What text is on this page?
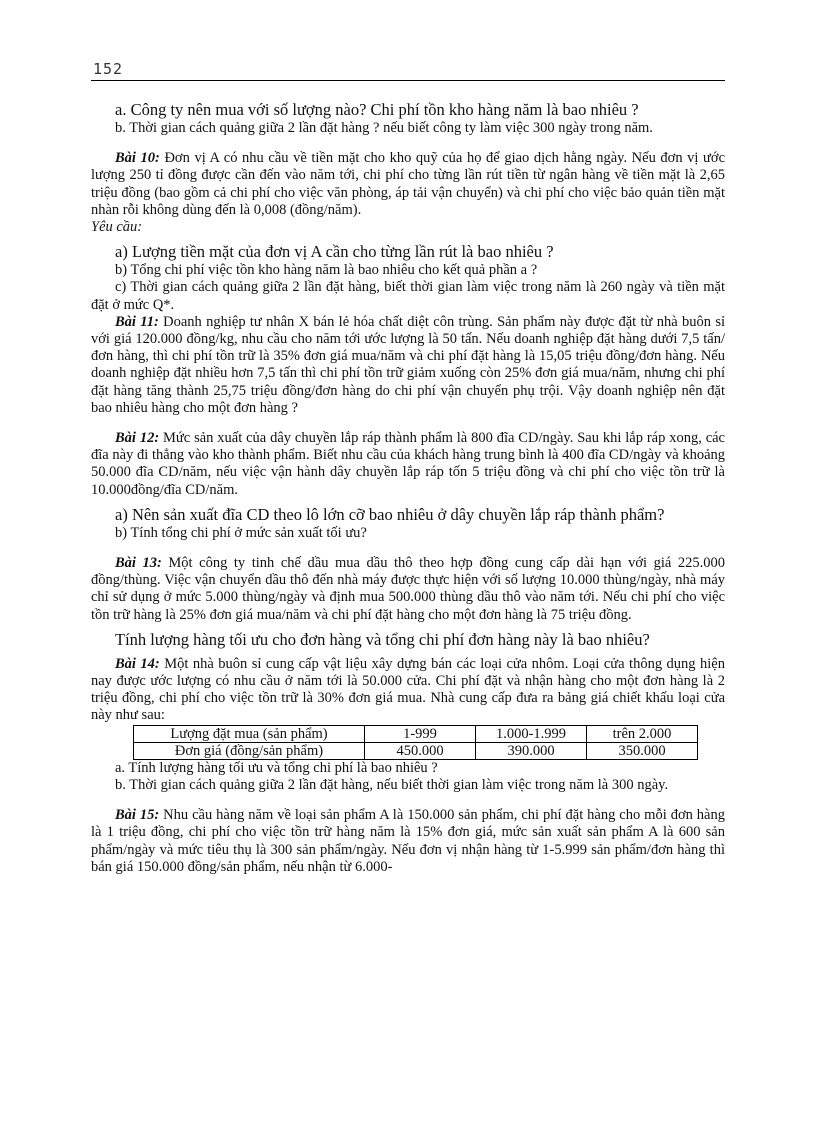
152

a. Công ty nên mua với số lượng nào? Chi phí tồn kho hàng năm là bao nhiêu ?

b. Thời gian cách quảng giữa 2 lần đặt hàng ? nếu biết công ty làm việc 300 ngày trong năm.

Bài 10: Đơn vị A có nhu cầu về tiền mặt cho kho quỹ của họ để giao dịch hằng ngày. Nếu đơn vị ước lượng 250 tỉ đồng được cần đến vào năm tới, chi phí cho từng lần rút tiền từ ngân hàng về tiền mặt là 2,65 triệu đồng (bao gồm cả chi phí cho việc văn phòng, áp tải vận chuyển) và chi phí cho việc bảo quản tiền mặt nhàn rỗi không dùng đến là 0,008 (đồng/năm).

Yêu cầu:

a) Lượng tiền mặt của đơn vị A cần cho từng lần rút là bao nhiêu ?

b) Tổng chi phí việc tồn kho hàng năm là bao nhiêu cho kết quả phần a ?

c) Thời gian cách quảng giữa 2 lần đặt hàng, biết thời gian làm việc trong năm là 260 ngày và tiền mặt đặt ở mức Q*.

Bài 11: Doanh nghiệp tư nhân X bán lẻ hóa chất diệt côn trùng. Sản phẩm này được đặt từ nhà buôn sỉ với giá 120.000 đồng/kg, nhu cầu cho năm tới ước lượng là 50 tấn. Nếu doanh nghiệp đặt hàng dưới 7,5 tấn/đơn hàng, thì chi phí tồn trữ là 35% đơn giá mua/năm và chi phí đặt hàng là 15,05 triệu đồng/đơn hàng. Nếu doanh nghiệp đặt nhiều hơn 7,5 tấn thì chi phí tồn trữ giảm xuống còn 25% đơn giá mua/năm, nhưng chi phí đặt hàng tăng thành 25,75 triệu đồng/đơn hàng do chi phí vận chuyển phụ trội. Vậy doanh nghiệp nên đặt bao nhiêu hàng cho một đơn hàng ?

Bài 12: Mức sản xuất của dây chuyền lắp ráp thành phẩm là 800 đĩa CD/ngày. Sau khi lắp ráp xong, các đĩa này đi thẳng vào kho thành phẩm. Biết nhu cầu của khách hàng trung bình là 400 đĩa CD/ngày và khoảng 50.000 đĩa CD/năm, nếu việc vận hành dây chuyền lắp ráp tốn 5 triệu đồng và chi phí cho việc tồn trữ là 10.000đồng/đĩa CD/năm.

a) Nên sản xuất đĩa CD theo lô lớn cỡ bao nhiêu ở dây chuyền lắp ráp thành phẩm?

b) Tính tổng chi phí ở mức sản xuất tối ưu?

Bài 13: Một công ty tinh chế dầu mua dầu thô theo hợp đồng cung cấp dài hạn với giá 225.000 đồng/thùng. Việc vận chuyển dầu thô đến nhà máy được thực hiện với số lượng 10.000 thùng/ngày, nhà máy chỉ sử dụng ở mức 5.000 thùng/ngày và định mua 500.000 thùng dầu thô vào năm tới. Nếu chi phí cho việc tồn trữ hàng là 25% đơn giá mua/năm và chi phí đặt hàng cho một đơn hàng là 75 triệu đồng.

Tính lượng hàng tối ưu cho đơn hàng và tổng chi phí đơn hàng này là bao nhiêu?

Bài 14: Một nhà buôn sỉ cung cấp vật liệu xây dựng bán các loại cửa nhôm. Loại cửa thông dụng hiện nay được ước lượng có nhu cầu ở năm tới là 50.000 cửa. Chi phí đặt và nhận hàng cho một đơn hàng là 2 triệu đồng, chi phí cho việc tồn trữ là 30% đơn giá mua. Nhà cung cấp đưa ra bảng giá chiết khấu loại cửa này như sau:

Lượng đặt mua (sản phẩm)	1-999	1.000-1.999	trên 2.000
Đơn giá (đồng/sản phẩm)	450.000	390.000	350.000

a. Tính lượng hàng tối ưu và tổng chi phí là bao nhiêu ?

b. Thời gian cách quảng giữa 2 lần đặt hàng, nếu biết thời gian làm việc trong năm là 300 ngày.

Bài 15: Nhu cầu hàng năm về loại sản phẩm A là 150.000 sản phẩm, chi phí đặt hàng cho mỗi đơn hàng là 1 triệu đồng, chi phí cho việc tồn trữ hàng năm là 15% đơn giá, mức sản xuất sản phẩm A là 600 sản phẩm/ngày và mức tiêu thụ là 300 sản phẩm/ngày. Nếu đơn vị nhận hàng từ 1-5.999 sản phẩm/đơn hàng thì bán giá 150.000 đồng/sản phẩm, nếu nhận từ 6.000-
